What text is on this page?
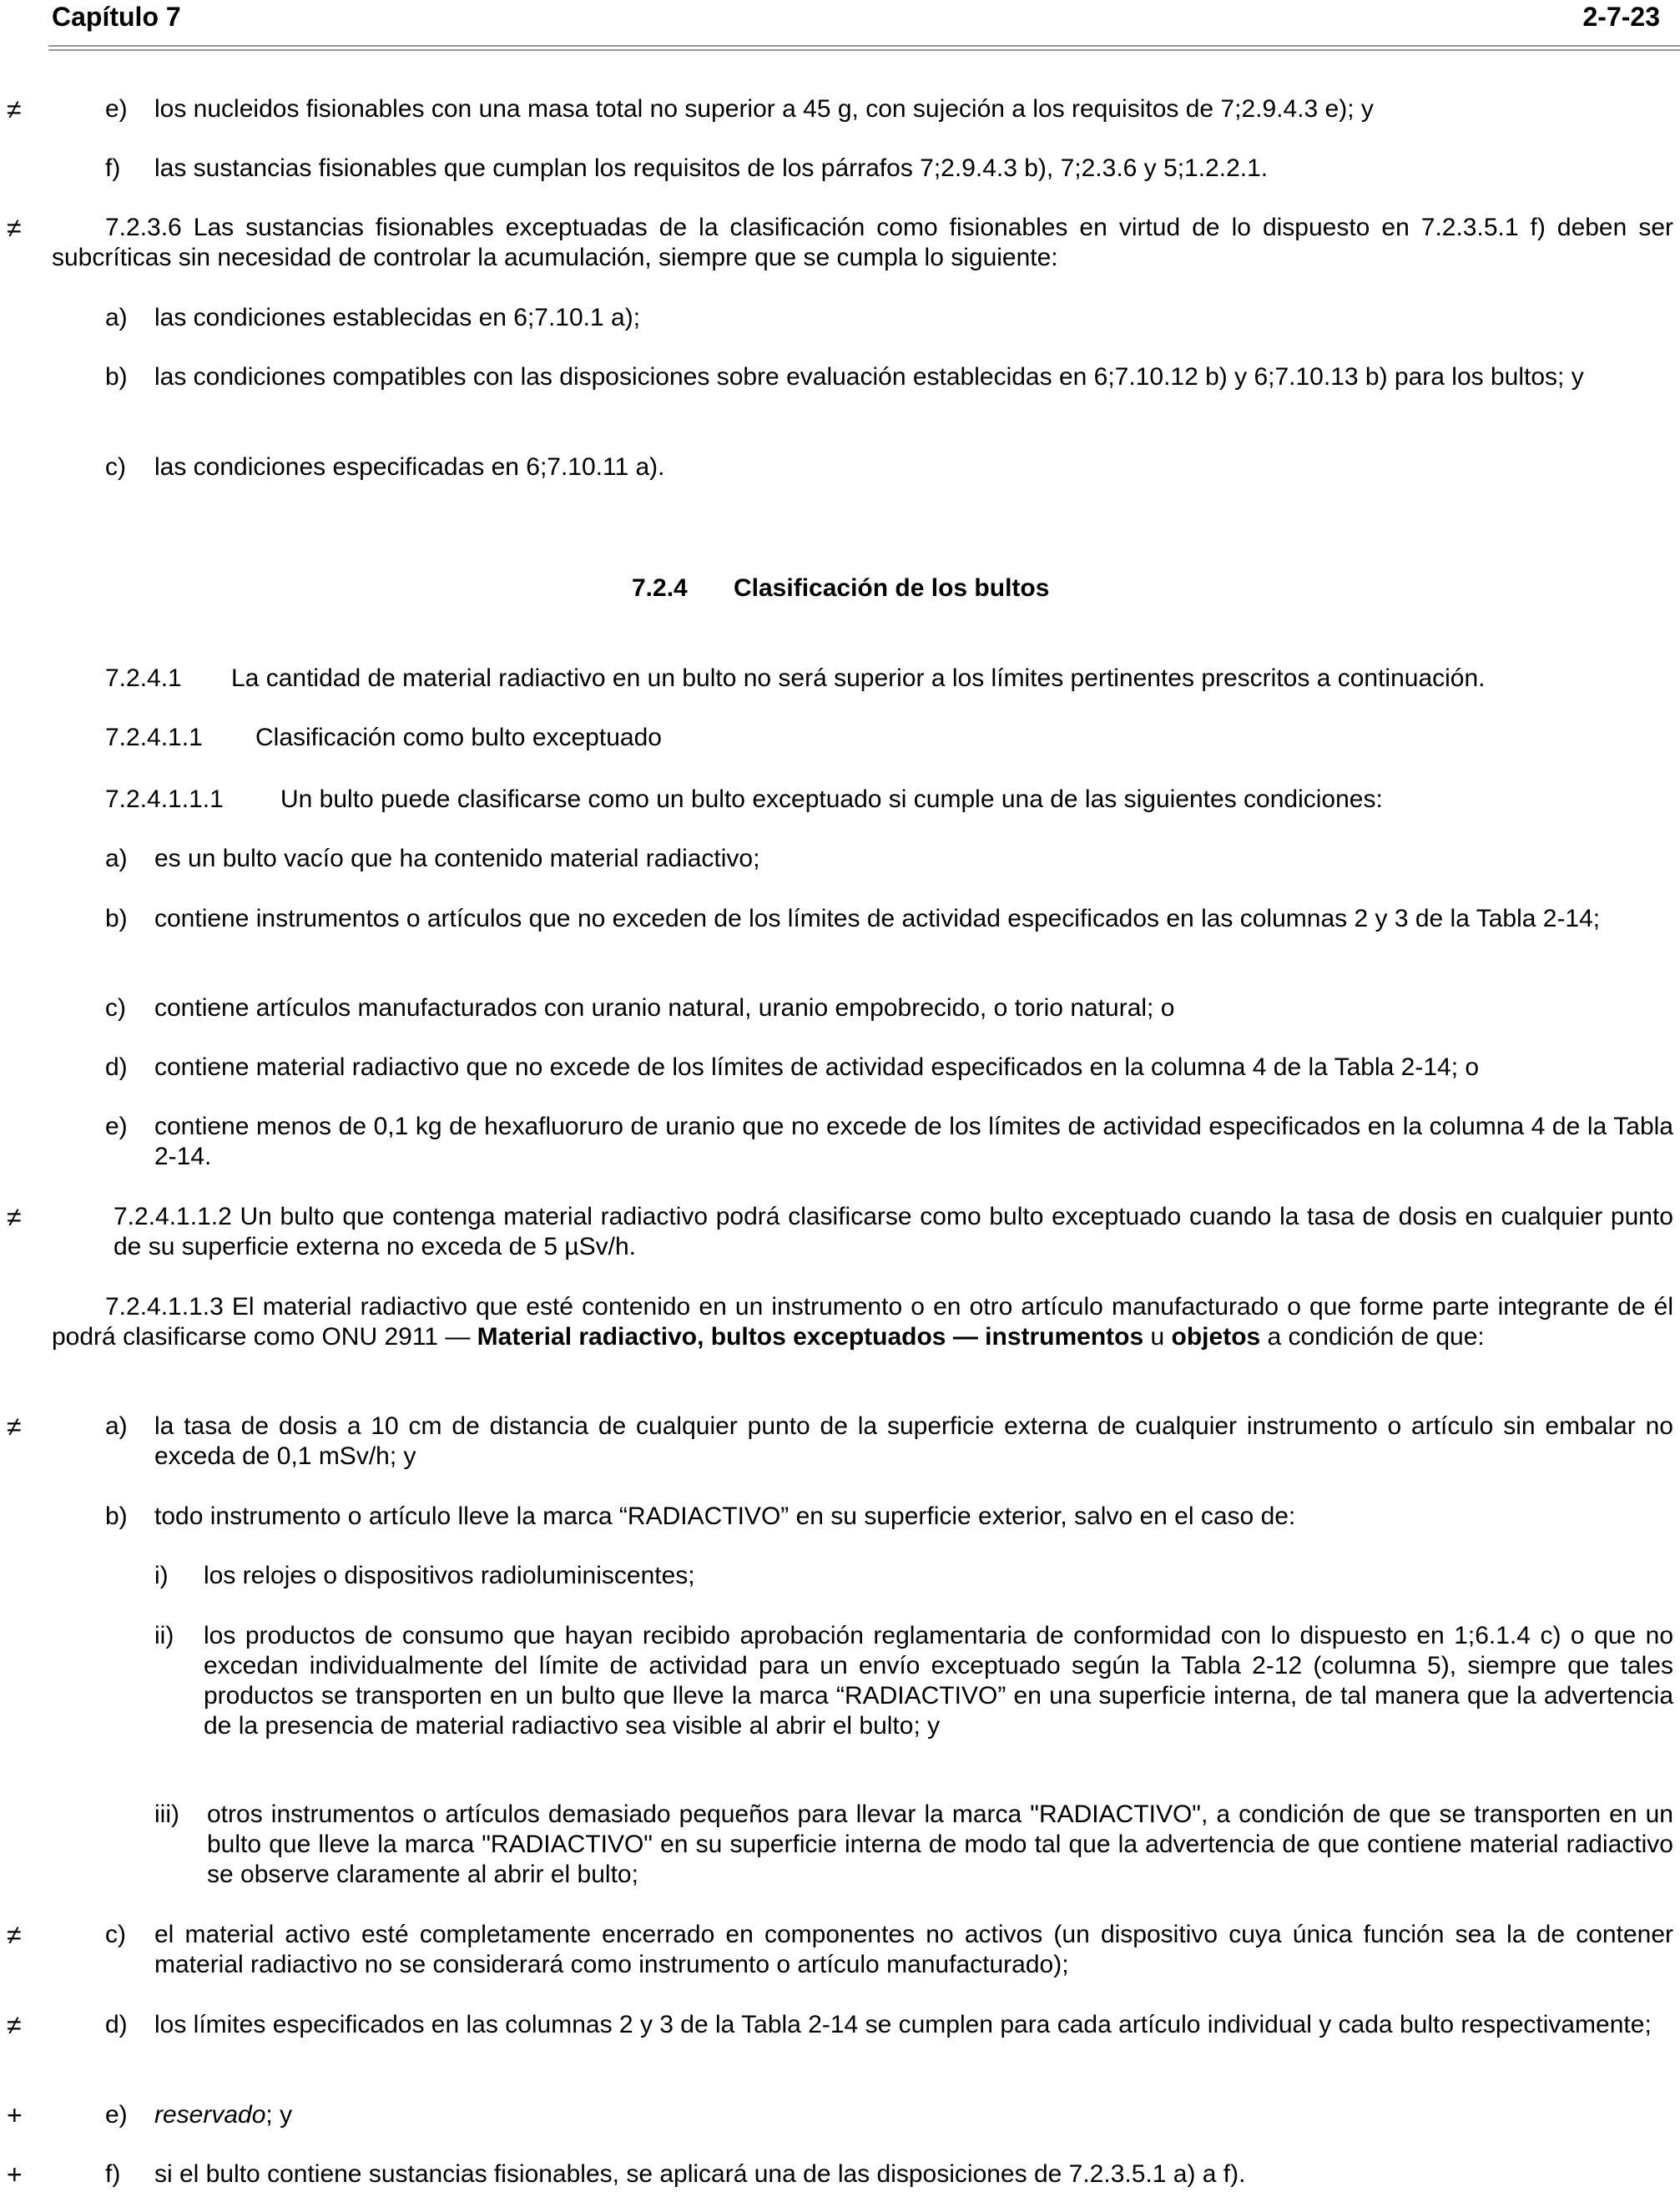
Capítulo 7	2-7-23
≠	e) los nucleidos fisionables con una masa total no superior a 45 g, con sujeción a los requisitos de 7;2.9.4.3 e); y
f) las sustancias fisionables que cumplan los requisitos de los párrafos 7;2.9.4.3 b), 7;2.3.6 y 5;1.2.2.1.
≠	7.2.3.6 Las sustancias fisionables exceptuadas de la clasificación como fisionables en virtud de lo dispuesto en 7.2.3.5.1 f) deben ser subcríticas sin necesidad de controlar la acumulación, siempre que se cumpla lo siguiente:
a) las condiciones establecidas en 6;7.10.1 a);
b) las condiciones compatibles con las disposiciones sobre evaluación establecidas en 6;7.10.12 b) y 6;7.10.13 b) para los bultos; y
c) las condiciones especificadas en 6;7.10.11 a).
7.2.4 Clasificación de los bultos
7.2.4.1 La cantidad de material radiactivo en un bulto no será superior a los límites pertinentes prescritos a continuación.
7.2.4.1.1 Clasificación como bulto exceptuado
7.2.4.1.1.1 Un bulto puede clasificarse como un bulto exceptuado si cumple una de las siguientes condiciones:
a) es un bulto vacío que ha contenido material radiactivo;
b) contiene instrumentos o artículos que no exceden de los límites de actividad especificados en las columnas 2 y 3 de la Tabla 2-14;
c) contiene artículos manufacturados con uranio natural, uranio empobrecido, o torio natural; o
d) contiene material radiactivo que no excede de los límites de actividad especificados en la columna 4 de la Tabla 2-14; o
e) contiene menos de 0,1 kg de hexafluoruro de uranio que no excede de los límites de actividad especificados en la columna 4 de la Tabla 2-14.
≠	7.2.4.1.1.2 Un bulto que contenga material radiactivo podrá clasificarse como bulto exceptuado cuando la tasa de dosis en cualquier punto de su superficie externa no exceda de 5 µSv/h.
7.2.4.1.1.3 El material radiactivo que esté contenido en un instrumento o en otro artículo manufacturado o que forme parte integrante de él podrá clasificarse como ONU 2911 — Material radiactivo, bultos exceptuados — instrumentos u objetos a condición de que:
≠	a) la tasa de dosis a 10 cm de distancia de cualquier punto de la superficie externa de cualquier instrumento o artículo sin embalar no exceda de 0,1 mSv/h; y
b) todo instrumento o artículo lleve la marca “RADIACTIVO” en su superficie exterior, salvo en el caso de:
i) los relojes o dispositivos radioluminiscentes;
ii) los productos de consumo que hayan recibido aprobación reglamentaria de conformidad con lo dispuesto en 1;6.1.4 c) o que no excedan individualmente del límite de actividad para un envío exceptuado según la Tabla 2-12 (columna 5), siempre que tales productos se transporten en un bulto que lleve la marca “RADIACTIVO” en una superficie interna, de tal manera que la advertencia de la presencia de material radiactivo sea visible al abrir el bulto; y
iii) otros instrumentos o artículos demasiado pequeños para llevar la marca "RADIACTIVO", a condición de que se transporten en un bulto que lleve la marca "RADIACTIVO" en su superficie interna de modo tal que la advertencia de que contiene material radiactivo se observe claramente al abrir el bulto;
≠	c) el material activo esté completamente encerrado en componentes no activos (un dispositivo cuya única función sea la de contener material radiactivo no se considerará como instrumento o artículo manufacturado);
≠	d) los límites especificados en las columnas 2 y 3 de la Tabla 2-14 se cumplen para cada artículo individual y cada bulto respectivamente;
+	e) reservado; y
+	f) si el bulto contiene sustancias fisionables, se aplicará una de las disposiciones de 7.2.3.5.1 a) a f).
